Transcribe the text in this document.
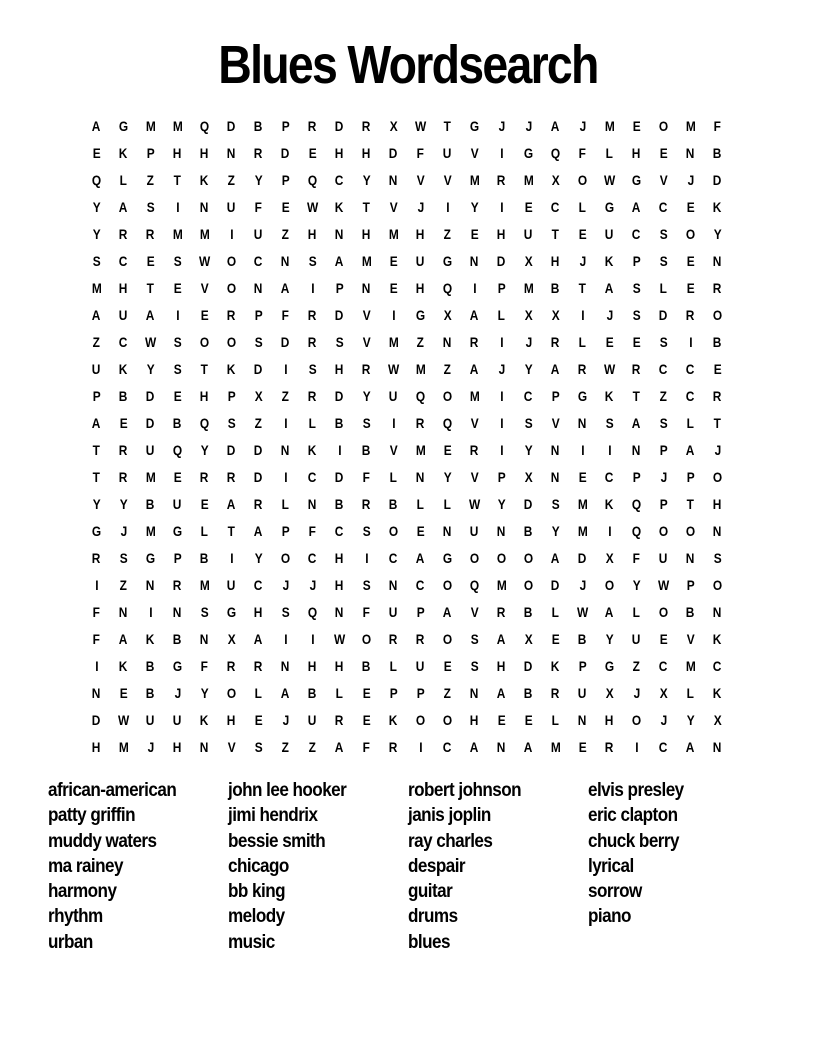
Blues Wordsearch
A G M M Q D B P R D R X W T G J J A J M E O M F
E K P H H N R D E H H D F U V I G Q F L H E N B
Q L Z T K Z Y P Q C Y N V V M R M X O W G V J D
Y A S I N U F E W K T V J I Y I E C L G A C E K
Y R R M M I U Z H N H M H Z E H U T E U C S O Y
S C E S W O C N S A M E U G N D X H J K P S E N
M H T E V O N A I P N E H Q I P M B T A S L E R
A U A I E R P F R D V I G X A L X X I J S D R O
Z C W S O O S D R S V M Z N R I J R L E E S I B
U K Y S T K D I S H R W M Z A J Y A R W R C C E
P B D E H P X Z R D Y U Q O M I C P G K T Z C R
A E D B Q S Z I L B S I R Q V I S V N S A S L T
T R U Q Y D D N K I B V M E R I Y N I I N P A J
T R M E R R D I C D F L N Y V P X N E C P J P O
Y Y B U E A R L N B R B L L W Y D S M K Q P T H
G J M G L T A P F C S O E N U N B Y M I Q O O N
R S G P B I Y O C H I C A G O O O A D X F U N S
I Z N R M U C J J H S N C O Q M O D J O Y W P O
F N I N S G H S Q N F U P A V R B L W A L O B N
F A K B N X A I I W O R R O S A X E B Y U E V K
I K B G F R R N H H B L U E S H D K P G Z C M C
N E B J Y O L A B L E P P Z N A B R U X J X L K
D W U U K H E J U R E K O O H E E L N H O J Y X
H M J H N V S Z Z A F R I C A N A M E R I C A N
african-american
patty griffin
muddy waters
ma rainey
harmony
rhythm
urban
john lee hooker
jimi hendrix
bessie smith
chicago
bb king
melody
music
robert johnson
janis joplin
ray charles
despair
guitar
drums
blues
elvis presley
eric clapton
chuck berry
lyrical
sorrow
piano
